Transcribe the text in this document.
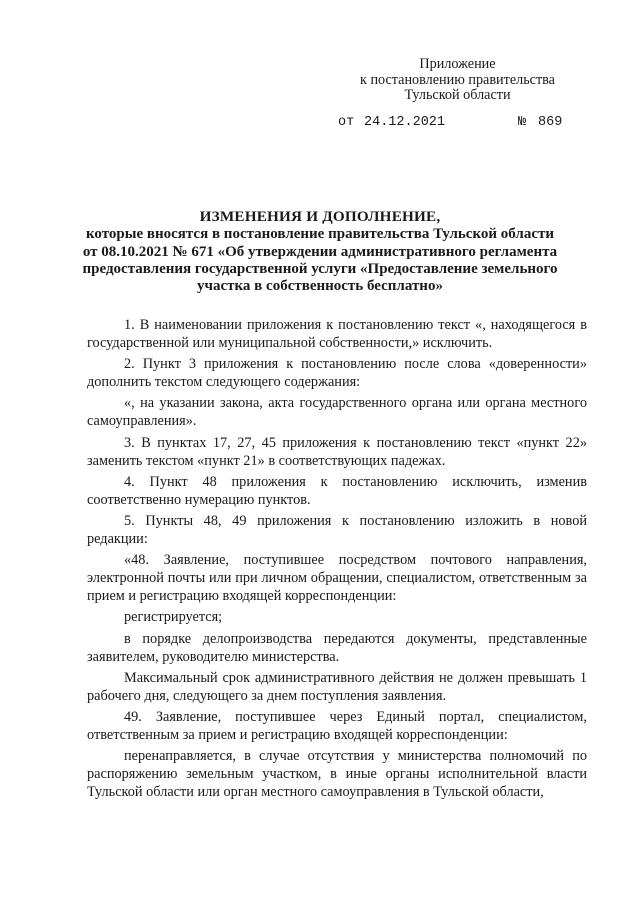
Приложение
к постановлению правительства
Тульской области
от 24.12.2021	№ 869
ИЗМЕНЕНИЯ И ДОПОЛНЕНИЕ,
которые вносятся в постановление правительства Тульской области от 08.10.2021 № 671 «Об утверждении административного регламента предоставления государственной услуги «Предоставление земельного участка в собственность бесплатно»

1. В наименовании приложения к постановлению текст «, находящегося в государственной или муниципальной собственности,» исключить.

2. Пункт 3 приложения к постановлению после слова «доверенности» дополнить текстом следующего содержания:

«, на указании закона, акта государственного органа или органа местного самоуправления».

3. В пунктах 17, 27, 45 приложения к постановлению текст «пункт 22» заменить текстом «пункт 21» в соответствующих падежах.

4. Пункт 48 приложения к постановлению исключить, изменив соответственно нумерацию пунктов.

5. Пункты 48, 49 приложения к постановлению изложить в новой редакции:

«48. Заявление, поступившее посредством почтового направления, электронной почты или при личном обращении, специалистом, ответственным за прием и регистрацию входящей корреспонденции:

регистрируется;

в порядке делопроизводства передаются документы, представленные заявителем, руководителю министерства.

Максимальный срок административного действия не должен превышать 1 рабочего дня, следующего за днем поступления заявления.

49. Заявление, поступившее через Единый портал, специалистом, ответственным за прием и регистрацию входящей корреспонденции:

перенаправляется, в случае отсутствия у министерства полномочий по распоряжению земельным участком, в иные органы исполнительной власти Тульской области или орган местного самоуправления в Тульской области,
